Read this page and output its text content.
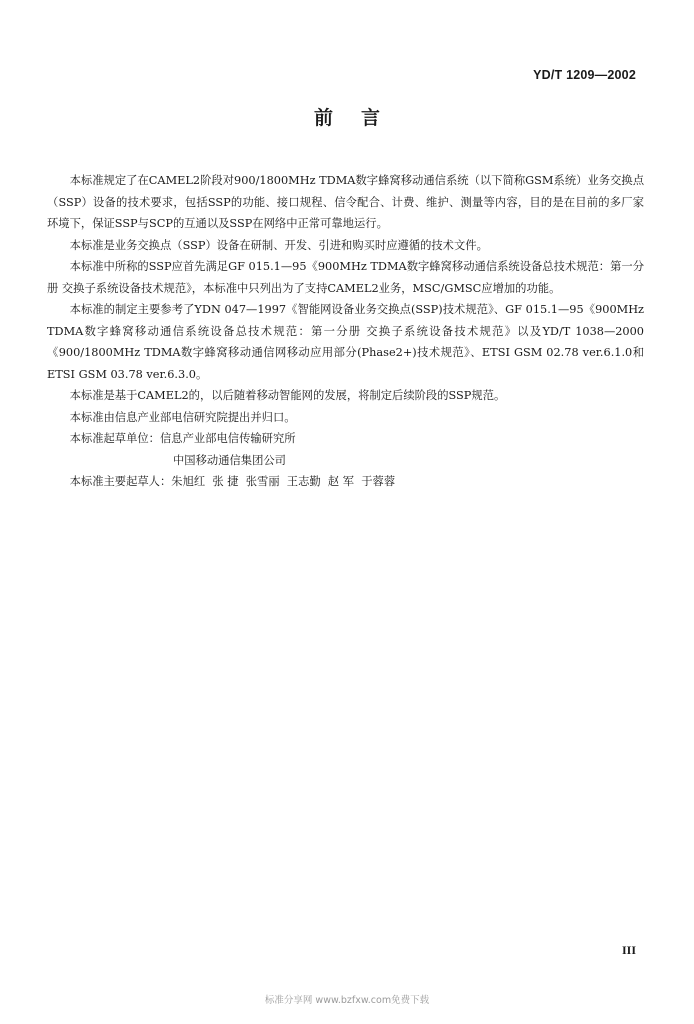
YD/T 1209—2002
前言

本标准规定了在CAMEL2阶段对900/1800MHz TDMA数字蜂窝移动通信系统（以下简称GSM系统）业务交换点（SSP）设备的技术要求，包括SSP的功能、接口规程、信令配合、计费、维护、测量等内容，目的是在目前的多厂家环境下，保证SSP与SCP的互通以及SSP在网络中正常可靠地运行。

本标准是业务交换点（SSP）设备在研制、开发、引进和购买时应遵循的技术文件。

本标准中所称的SSP应首先满足GF 015.1—95《900MHz TDMA数字蜂窝移动通信系统设备总技术规范：第一分册 交换子系统设备技术规范》，本标准中只列出为了支持CAMEL2业务，MSC/GMSC应增加的功能。

本标准的制定主要参考了YDN 047—1997《智能网设备业务交换点(SSP)技术规范》、GF 015.1—95《900MHz TDMA数字蜂窝移动通信系统设备总技术规范：第一分册 交换子系统设备技术规范》以及YD/T 1038—2000《900/1800MHz TDMA数字蜂窝移动通信网移动应用部分(Phase2+)技术规范》、ETSI GSM 02.78 ver.6.1.0和ETSI GSM 03.78 ver.6.3.0。

本标准是基于CAMEL2的，以后随着移动智能网的发展，将制定后续阶段的SSP规范。

本标准由信息产业部电信研究院提出并归口。

本标准起草单位：信息产业部电信传输研究所

中国移动通信集团公司

本标准主要起草人：朱旭红  张 捷  张雪丽  王志勤  赵 军  于蓉蓉

III
标准分享网 www.bzfxw.com免费下载
